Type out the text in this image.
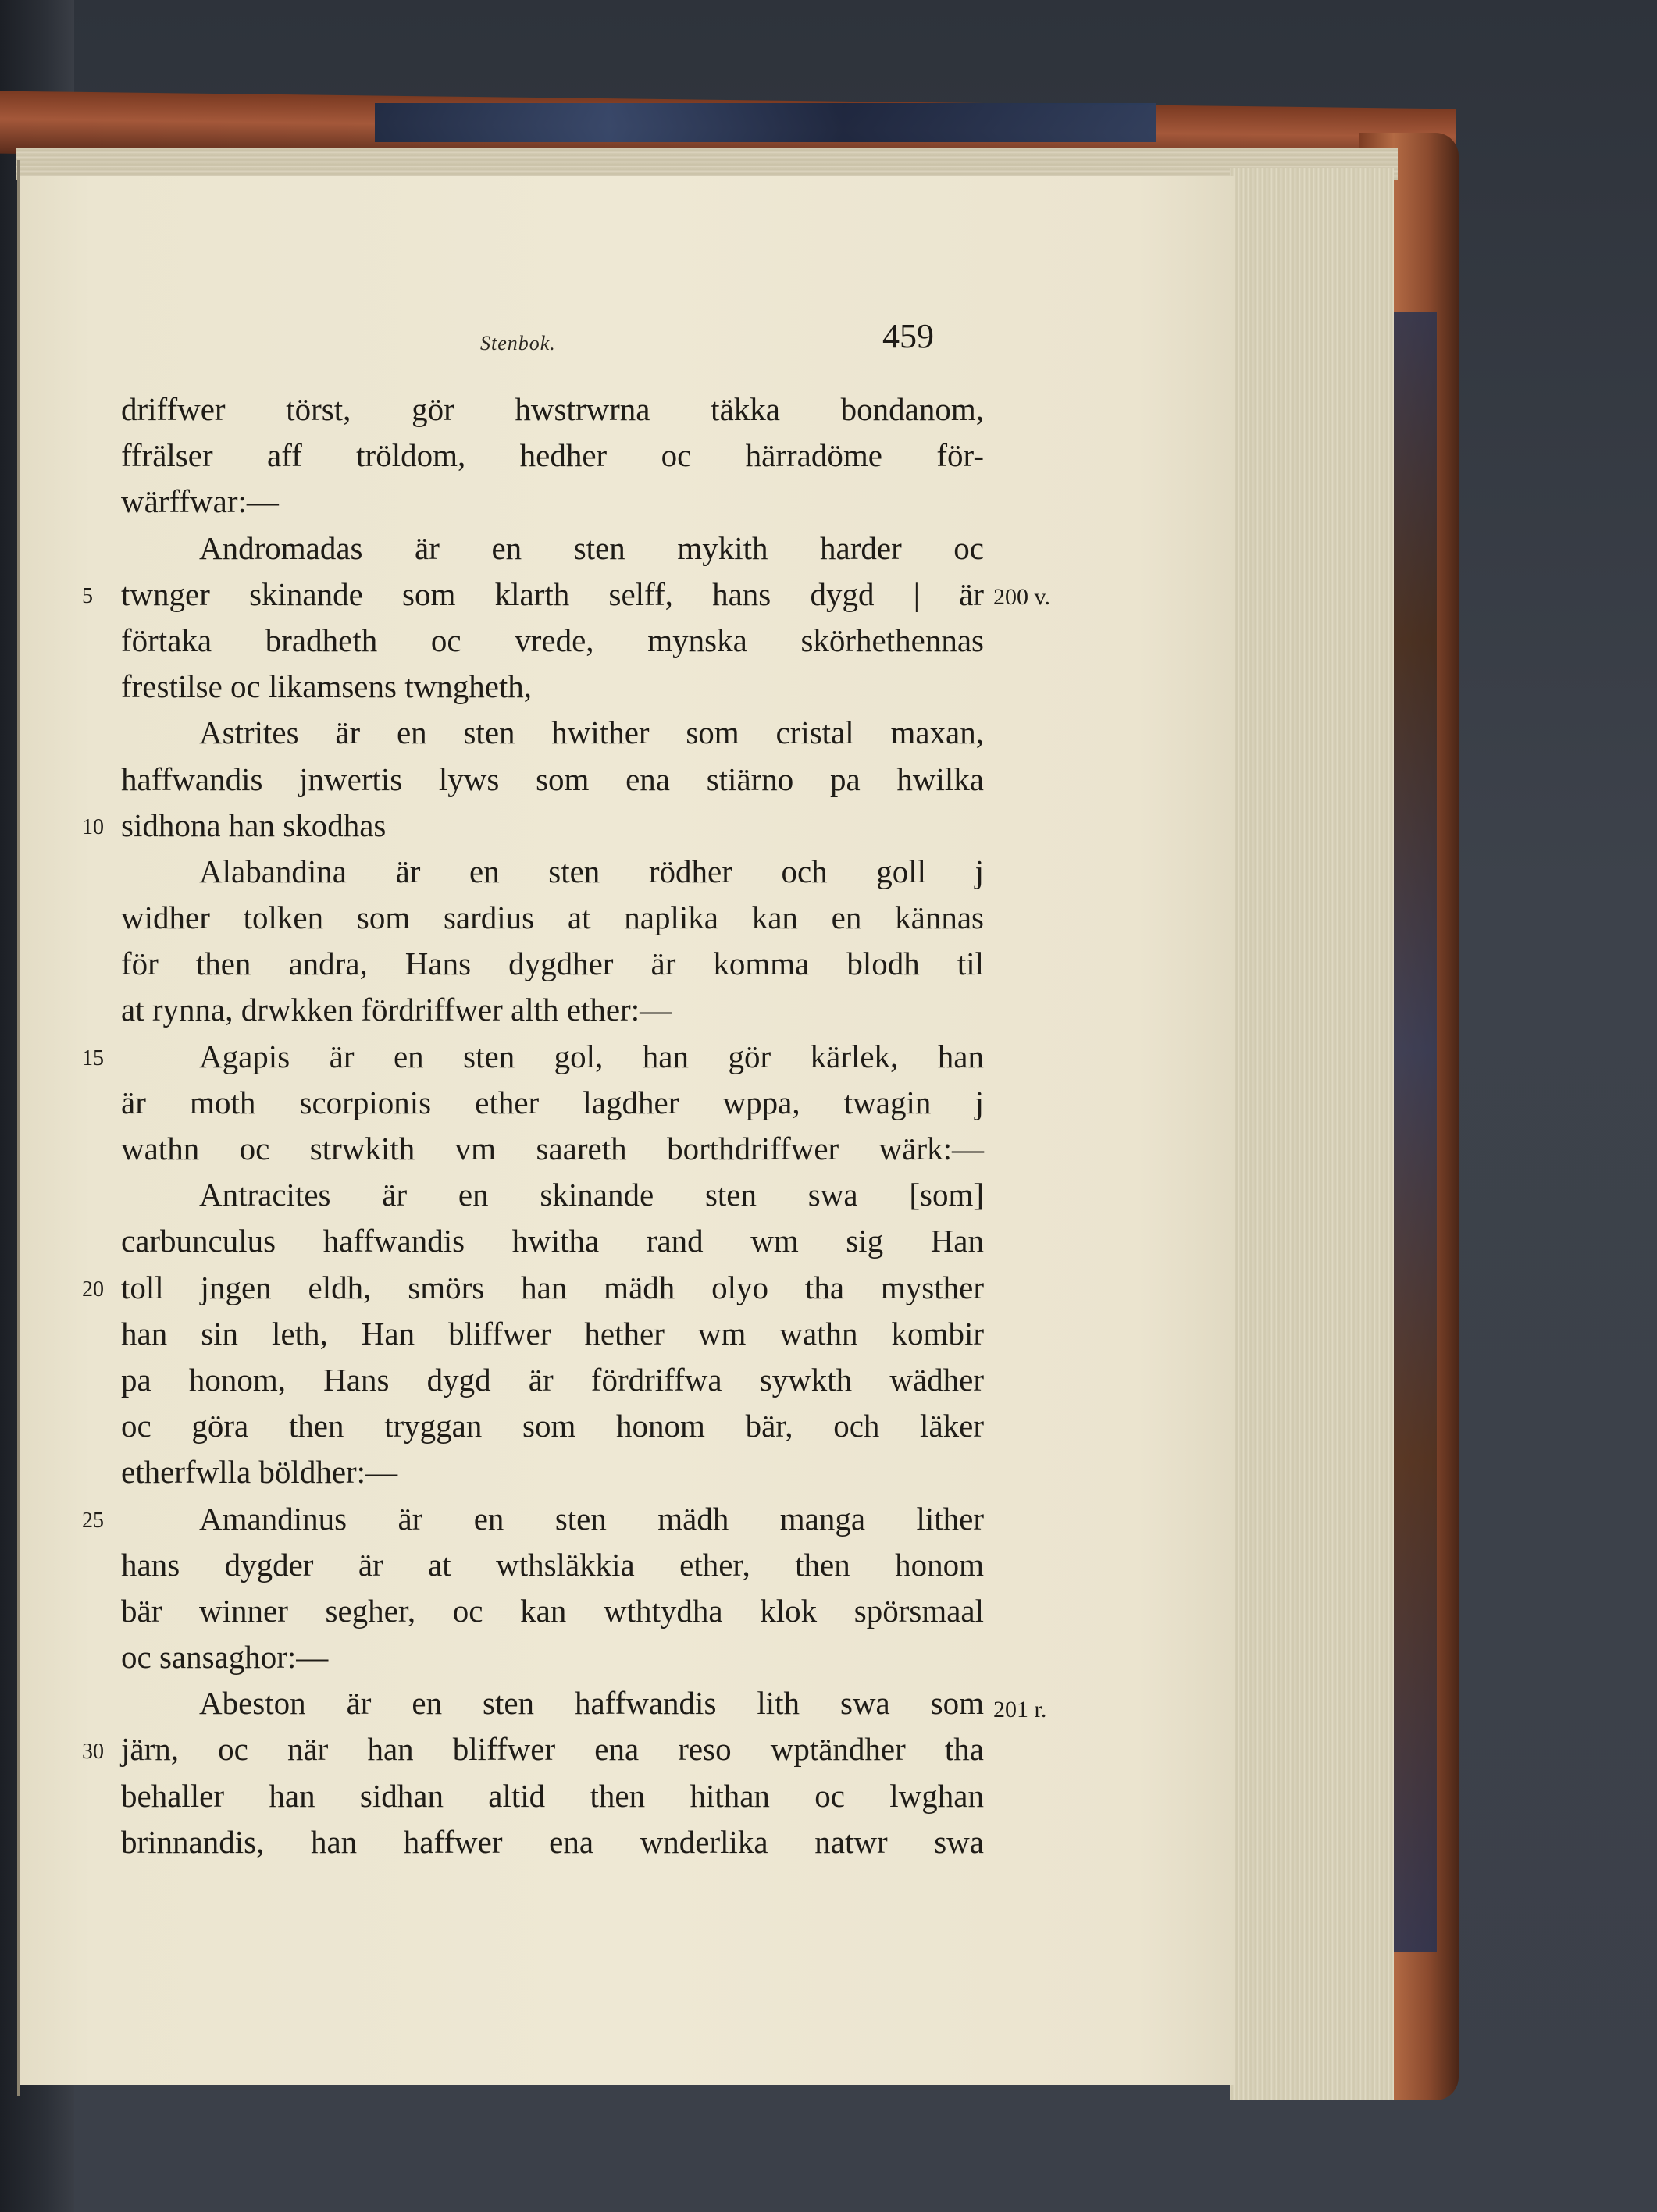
Stenbok.	459
driffwer törst, gör hwstrwrna täkka bondanom,
ffrälser aff tröldom, hedher oc härradöme för-
wärffwar:—
Andromadas är en sten mykith harder oc
twnger skinande som klarth selff, hans dygd | är
förtaka bradheth oc vrede, mynska skörhethennas
frestilse oc likamsens twngheth,
Astrites är en sten hwither som cristal maxan,
haffwandis jnwertis lyws som ena stiärno pa hwilka
sidhona han skodhas
Alabandina är en sten rödher och goll j
widher tolken som sardius at naplika kan en kännas
för then andra, Hans dygdher är komma blodh til
at rynna, drwkken fördriffwer alth ether:—
Agapis är en sten gol, han gör kärlek, han
är moth scorpionis ether lagdher wppa, twagin j
wathn oc strwkith vm saareth borthdriffwer wärk:—
Antracites är en skinande sten swa [som]
carbunculus haffwandis hwitha rand wm sig Han
toll jngen eldh, smörs han mädh olyo tha mysther
han sin leth, Han bliffwer hether wm wathn kombir
pa honom, Hans dygd är fördriffwa sywkth wädher
oc göra then tryggan som honom bär, och läker
etherfwlla böldher:—
Amandinus är en sten mädh manga lither
hans dygder är at wthsläkkia ether, then honom
bär winner segher, oc kan wthtydha klok spörsmaal
oc sansaghor:—
Abeston är en sten haffwandis lith swa som
järn, oc när han bliffwer ena reso wptändher tha
behaller han sidhan altid then hithan oc lwghan
brinnandis, han haffwer ena wnderlika natwr swa
5
10
15
20
25
30
200 v.
201 r.
